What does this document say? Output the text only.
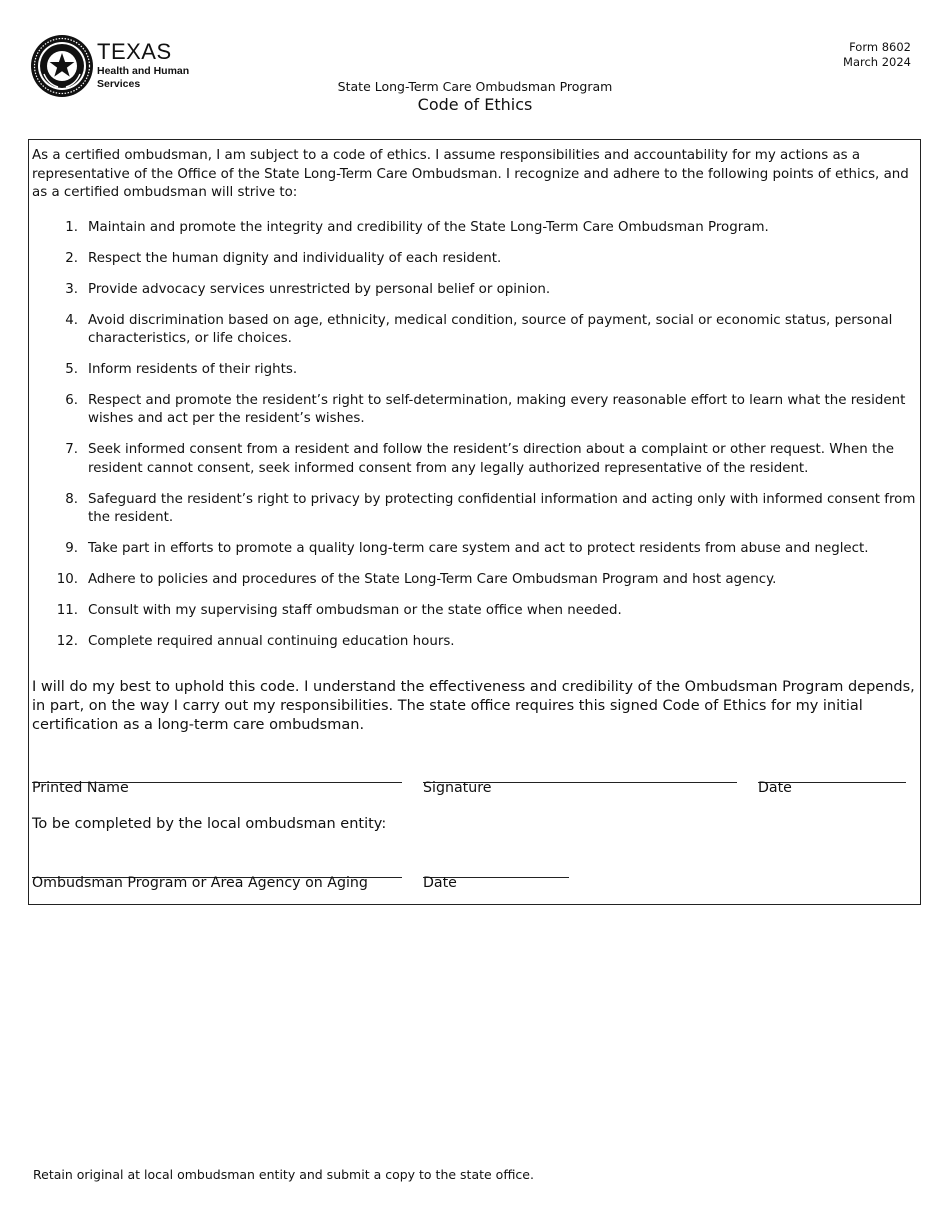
TEXAS
Health and Human
Services
Form 8602
March 2024
State Long-Term Care Ombudsman Program
Code of Ethics

As a certified ombudsman, I am subject to a code of ethics. I assume responsibilities and accountability for my actions as a representative of the Office of the State Long-Term Care Ombudsman. I recognize and adhere to the following points of ethics, and as a certified ombudsman will strive to:

1. Maintain and promote the integrity and credibility of the State Long-Term Care Ombudsman Program.
2. Respect the human dignity and individuality of each resident.
3. Provide advocacy services unrestricted by personal belief or opinion.
4. Avoid discrimination based on age, ethnicity, medical condition, source of payment, social or economic status, personal characteristics, or life choices.
5. Inform residents of their rights.
6. Respect and promote the resident’s right to self-determination, making every reasonable effort to learn what the resident wishes and act per the resident’s wishes.
7. Seek informed consent from a resident and follow the resident’s direction about a complaint or other request. When the resident cannot consent, seek informed consent from any legally authorized representative of the resident.
8. Safeguard the resident’s right to privacy by protecting confidential information and acting only with informed consent from the resident.
9. Take part in efforts to promote a quality long-term care system and act to protect residents from abuse and neglect.
10. Adhere to policies and procedures of the State Long-Term Care Ombudsman Program and host agency.
11. Consult with my supervising staff ombudsman or the state office when needed.
12. Complete required annual continuing education hours.

I will do my best to uphold this code. I understand the effectiveness and credibility of the Ombudsman Program depends, in part, on the way I carry out my responsibilities. The state office requires this signed Code of Ethics for my initial certification as a long-term care ombudsman.

Printed Name	Signature	Date
To be completed by the local ombudsman entity:
Ombudsman Program or Area Agency on Aging	Date
Retain original at local ombudsman entity and submit a copy to the state office.
